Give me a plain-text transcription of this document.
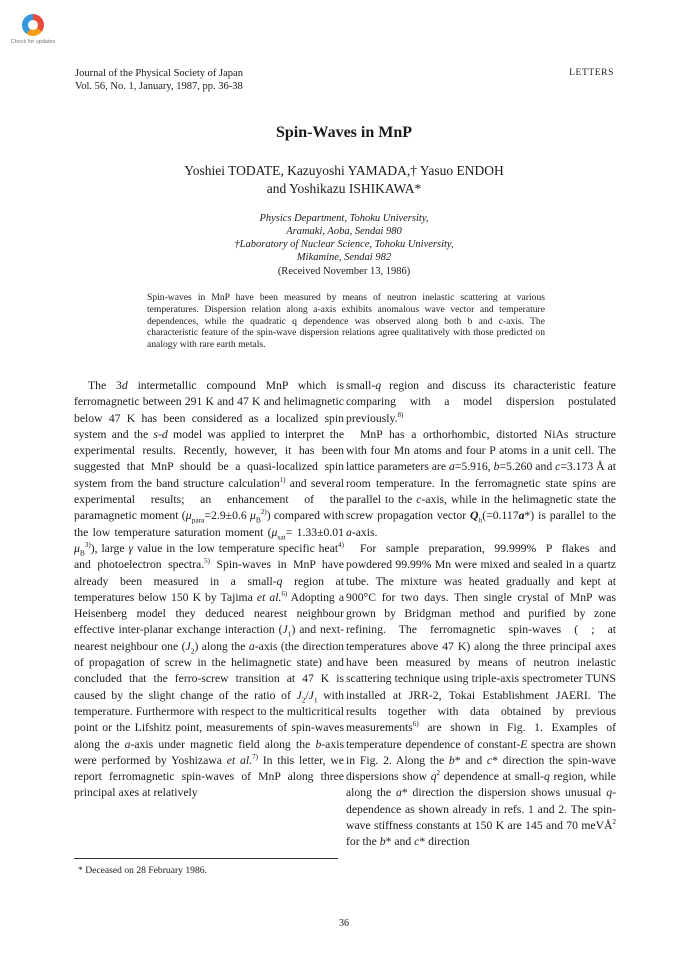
Check for updates
Journal of the Physical Society of Japan
Vol. 56, No. 1, January, 1987, pp. 36-38
LETTERS
Spin-Waves in MnP
Yoshiei TODATE, Kazuyoshi YAMADA,† Yasuo ENDOH
and Yoshikazu ISHIKAWA*
Physics Department, Tohoku University,
Aramaki, Aoba, Sendai 980
†Laboratory of Nuclear Science, Tohoku University,
Mikamine, Sendai 982
(Received November 13, 1986)
Spin-waves in MnP have been measured by means of neutron inelastic scattering at various temperatures. Dispersion relation along a-axis exhibits anomalous wave vector and temperature dependences, while the quadratic q dependence was observed along both b and c-axis. The characteristic feature of the spin-wave dispersion relations agree qualitatively with those predicted on analogy with rare earth metals.

The 3d intermetallic compound MnP which is ferromagnetic between 291 K and 47 K and helimagnetic below 47 K has been considered as a localized spin system and the s-d model was applied to interpret the experimental results. Recently, however, it has been suggested that MnP should be a quasi-localized spin system from the band structure calculation$^{1)}$ and several experimental results; an enhancement of the paramagnetic moment ($\mu_{para}=2.9\pm 0.6$ $\mu_B^{2)}$) compared with the low temperature saturation moment ($\mu_{sat}= 1.33\pm 0.01$ $\mu_B^{3)}$), large γ value in the low temperature specific heat$^{4)}$ and photoelectron spectra.$^{5)}$ Spin-waves in MnP have already been measured in a small-q region at temperatures below 150 K by Tajima et al.$^{6)}$ Adopting a Heisenberg model they deduced nearest neighbour effective inter-planar exchange interaction $(J_1)$ and next-nearest neighbour one $(J_2)$ along the a-axis (the direction of propagation of screw in the helimagnetic state) and concluded that the ferro-screw transition at 47 K is caused by the slight change of the ratio of $J_2/J_1$ with temperature. Furthermore with respect to the multicritical point or the Lifshitz point, measurements of spin-waves along the a-axis under magnetic field along the b-axis were performed by Yoshizawa et al.$^{7)}$ In this letter, we report ferromagnetic spin-waves of MnP along three principal axes at relatively

small-q region and discuss its characteristic feature comparing with a model dispersion postulated previously.$^{8)}$

MnP has a orthorhombic, distorted NiAs structure with four Mn atoms and four P atoms in a unit cell. The lattice parameters are a=5.916, b=5.260 and c=3.173 Å at room temperature. In the ferromagnetic state spins are parallel to the c-axis, while in the helimagnetic state the screw propagation vector $Q_h(=0.117a*)$ is parallel to the a-axis.

For sample preparation, 99.999% P flakes and powdered 99.99% Mn were mixed and sealed in a quartz tube. The mixture was heated gradually and kept at 900°C for two days. Then single crystal of MnP was grown by Bridgman method and purified by zone refining. The ferromagnetic spin-waves ( ; at temperatures above 47 K) along the three principal axes have been measured by means of neutron inelastic scattering technique using triple-axis spectrometer TUNS installed at JRR-2, Tokai Establishment JAERI. The results together with data obtained by previous measurements$^{6)}$ are shown in Fig. 1. Examples of temperature dependence of constant-E spectra are shown in Fig. 2. Along the b* and c* direction the spin-wave dispersions show $q^2$ dependence at small-q region, while along the a* direction the dispersion shows unusual q-dependence as shown already in refs. 1 and 2. The spin-wave stiffness constants at 150 K are 145 and 70 meVÅ$^2$ for the b* and c* direction

* Deceased on 28 February 1986.
36
